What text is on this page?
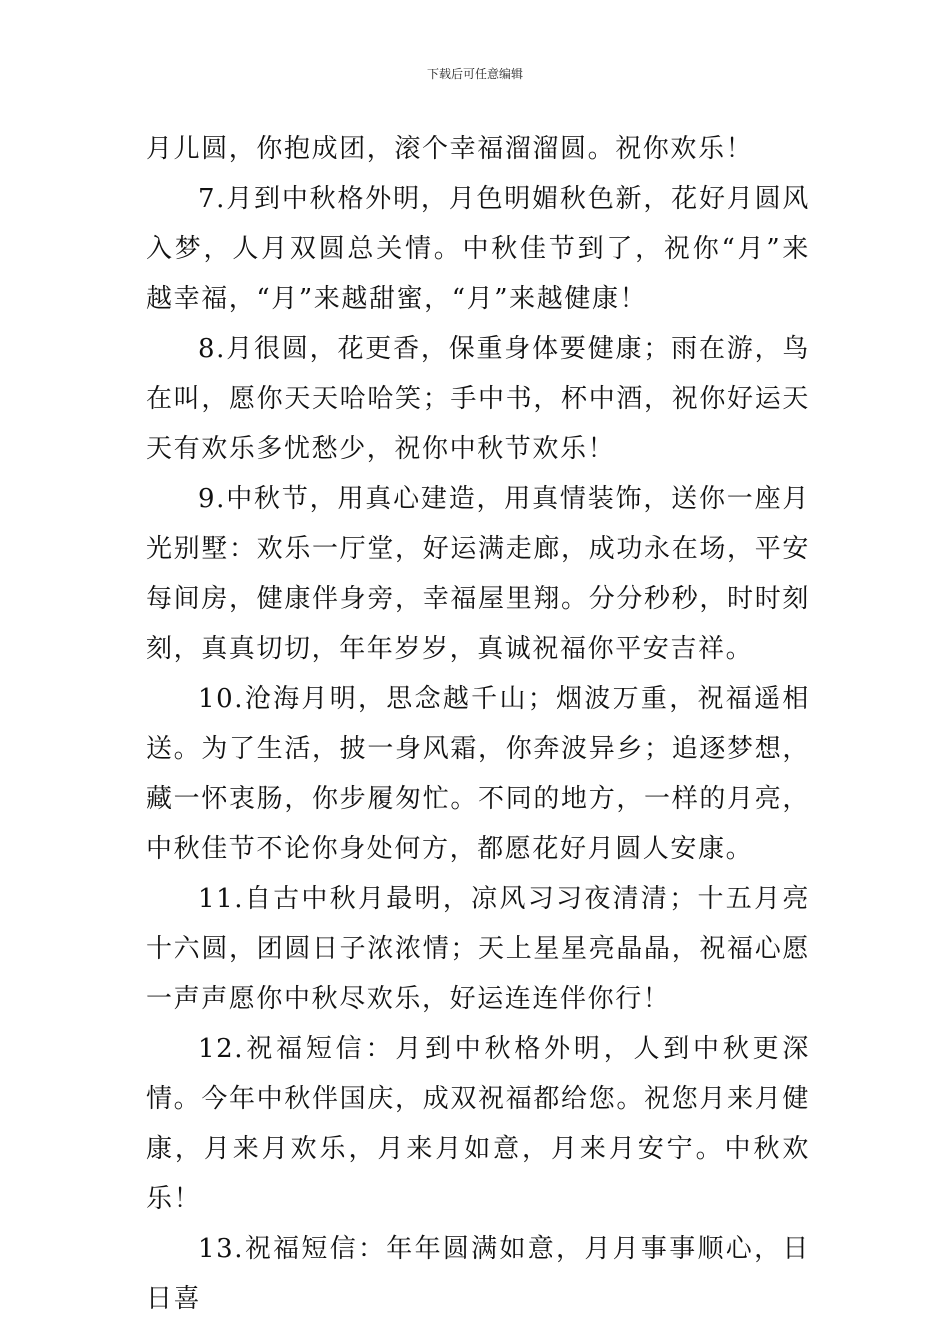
下载后可任意编辑

月儿圆，你抱成团，滚个幸福溜溜圆。祝你欢乐！

7.月到中秋格外明，月色明媚秋色新，花好月圆风入梦，人月双圆总关情。中秋佳节到了，祝你“月”来越幸福，“月”来越甜蜜，“月”来越健康！

8.月很圆，花更香，保重身体要健康；雨在游，鸟在叫，愿你天天哈哈笑；手中书，杯中酒，祝你好运天天有欢乐多忧愁少，祝你中秋节欢乐！

9.中秋节，用真心建造，用真情装饰，送你一座月光别墅：欢乐一厅堂，好运满走廊，成功永在场，平安每间房，健康伴身旁，幸福屋里翔。分分秒秒，时时刻刻，真真切切，年年岁岁，真诚祝福你平安吉祥。

10.沧海月明，思念越千山；烟波万重，祝福遥相送。为了生活，披一身风霜，你奔波异乡；追逐梦想，藏一怀衷肠，你步履匆忙。不同的地方，一样的月亮，中秋佳节不论你身处何方，都愿花好月圆人安康。

11.自古中秋月最明，凉风习习夜清清；十五月亮十六圆，团圆日子浓浓情；天上星星亮晶晶，祝福心愿一声声愿你中秋尽欢乐，好运连连伴你行！

12.祝福短信：月到中秋格外明，人到中秋更深情。今年中秋伴国庆，成双祝福都给您。祝您月来月健康，月来月欢乐，月来月如意，月来月安宁。中秋欢乐！

13.祝福短信：年年圆满如意，月月事事顺心，日日喜
